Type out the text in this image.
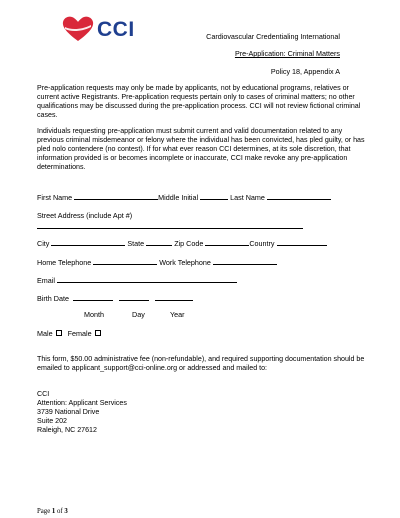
CCI	Cardiovascular Credentialing International
Pre-Application: Criminal Matters
Policy 18, Appendix A
Pre-application requests may only be made by applicants, not by educational programs, relatives or current active Registrants. Pre-application requests pertain only to cases of criminal matters; no other qualifications may be discussed during the pre-application process. CCI will not review fictional criminal cases.
Individuals requesting pre-application must submit current and valid documentation related to any previous criminal misdemeanor or felony where the individual has been convicted, has pled guilty, or has pled nolo contendere (no contest). If for what ever reason CCI determines, at its sole discretion, that information provided is or becomes incomplete or inaccurate, CCI make revoke any pre-application determinations.
First Name	Middle Initial	Last Name
Street Address (include Apt #)
City	State	Zip Code	Country
Home Telephone	Work Telephone
Email
Birth Date
Month	Day	Year
Male Female
This form, $50.00 administrative fee (non-refundable), and required supporting documentation should be emailed to applicant_support@cci-online.org or addressed and mailed to:
CCI
Attention: Applicant Services
3739 National Drive
Suite 202
Raleigh, NC 27612
Page 1 of 3
